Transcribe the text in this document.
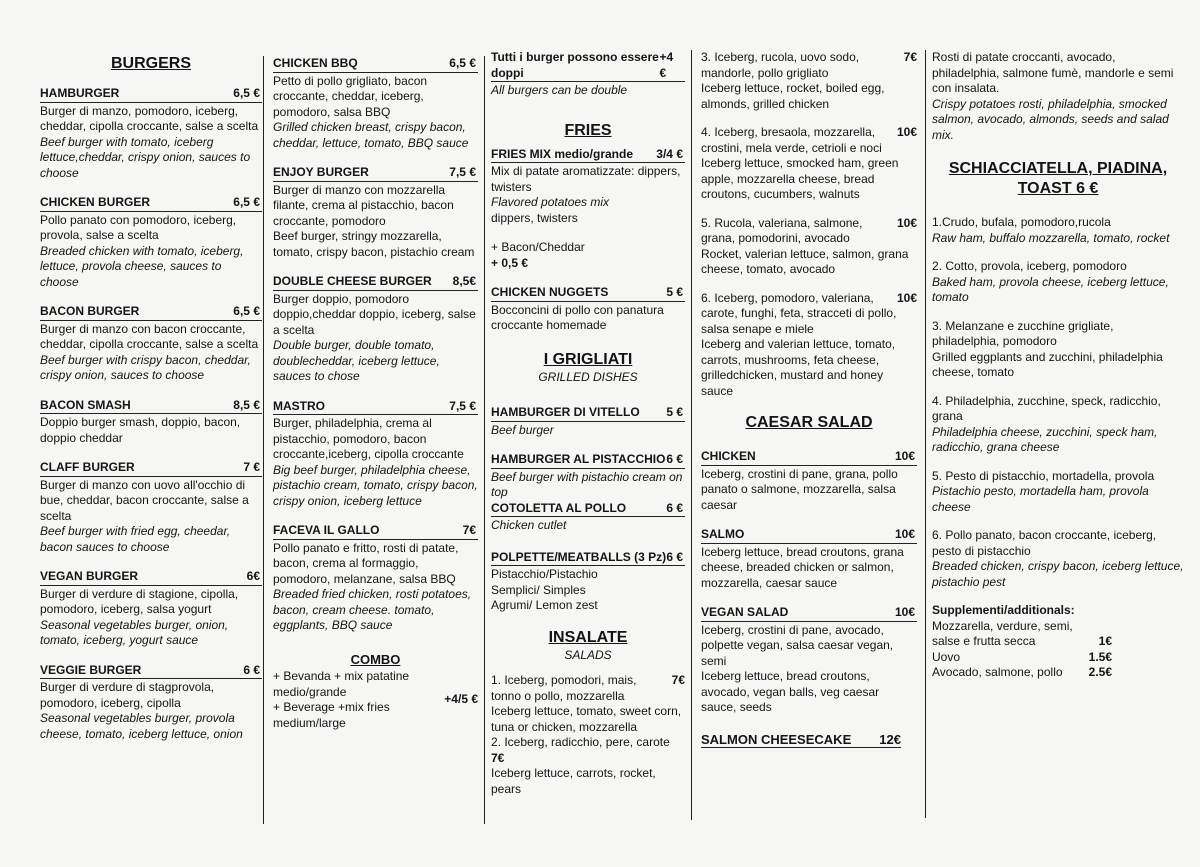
BURGERS
HAMBURGER	6,5 €
Burger di manzo, pomodoro, iceberg, cheddar, cipolla croccante, salse a scelta
Beef burger with tomato, iceberg lettuce,cheddar, crispy onion, sauces to choose
CHICKEN BURGER	6,5 €
Pollo panato con pomodoro, iceberg, provola, salse a scelta
Breaded chicken with tomato, iceberg, lettuce, provola cheese, sauces to choose
BACON BURGER	6,5 €
Burger di manzo con bacon croccante, cheddar, cipolla croccante, salse a scelta
Beef burger with crispy bacon, cheddar, crispy onion, sauces to choose
BACON SMASH	8,5 €
Doppio burger smash, doppio, bacon, doppio cheddar
CLAFF BURGER	7 €
Burger di manzo con uovo all'occhio di bue, cheddar, bacon croccante, salse a scelta
Beef burger with fried egg, cheedar, bacon sauces to choose
VEGAN BURGER	6€
Burger di verdure di stagione, cipolla, pomodoro, iceberg, salsa yogurt
Seasonal vegetables burger, onion, tomato, iceberg, yogurt sauce
VEGGIE BURGER	6 €
Burger di verdure di stagprovola, pomodoro, iceberg, cipolla
Seasonal vegetables burger, provola cheese, tomato, iceberg lettuce, onion
CHICKEN BBQ	6,5 €
Petto di pollo grigliato, bacon croccante, cheddar, iceberg, pomodoro, salsa BBQ
Grilled chicken breast, crispy bacon, cheddar, lettuce, tomato, BBQ sauce
ENJOY BURGER	7,5 €
Burger di manzo con mozzarella filante, crema al pistacchio, bacon croccante, pomodoro
Beef burger, stringy mozzarella, tomato, crispy bacon, pistachio cream
DOUBLE CHEESE BURGER 8,5€
Burger doppio, pomodoro doppio,cheddar doppio, iceberg, salse a scelta
Double burger, double tomato, doublecheddar, iceberg lettuce, sauces to chose
MASTRO	7,5 €
Burger, philadelphia, crema al pistacchio, pomodoro, bacon croccante,iceberg, cipolla croccante
Big beef burger, philadelphia cheese, pistachio cream, tomato, crispy bacon, crispy onion, iceberg lettuce
FACEVA IL GALLO	7€
Pollo panato e fritto, rosti di patate, bacon, crema al formaggio, pomodoro, melanzane, salsa BBQ
Breaded fried chicken, rosti potatoes, bacon, cream cheese. tomato, eggplants, BBQ sauce
COMBO
+ Bevanda + mix patatine medio/grande
+ Beverage +mix fries medium/large
+4/5 €
Tutti i burger possono essere doppi
+4 €
All burgers can be double
FRIES
FRIES MIX medio/grande 3/4 €
Mix di patate aromatizzate: dippers, twisters
Flavored potatoes mix
dippers, twisters
+ Bacon/Cheddar
+ 0,5 €
CHICKEN NUGGETS	5 €
Bocconcini di pollo con panatura croccante homemade
I GRIGLIATI
GRILLED DISHES
HAMBURGER DI VITELLO 5 €
Beef burger
HAMBURGER AL PISTACCHIO 6 €
Beef burger with pistachio cream on top
COTOLETTA AL POLLO	6 €
Chicken cutlet
POLPETTE/MEATBALLS (3 Pz) 6 €
Pistacchio/Pistachio
Semplici/ Simples
Agrumi/ Lemon zest
INSALATE
SALADS
1. Iceberg, pomodori, mais,	7€
tonno o pollo, mozzarella
Iceberg lettuce, tomato, sweet corn, tuna or chicken, mozzarella
2. Iceberg, radicchio, pere, carote
7€
Iceberg lettuce, carrots, rocket, pears
3. Iceberg, rucola, uovo sodo,	7€
mandorle, pollo grigliato
Iceberg lettuce, rocket, boiled egg, almonds, grilled chicken
4. Iceberg, bresaola, mozzarella, 10€
crostini, mela verde, cetrioli e noci
Iceberg lettuce, smocked ham, green apple, mozzarella cheese, bread croutons, cucumbers, walnuts
5. Rucola, valeriana, salmone,	10€
grana, pomodorini, avocado
Rocket, valerian lettuce, salmon, grana cheese, tomato, avocado
6. Iceberg, pomodoro, valeriana, 10€
carote, funghi, feta, stracceti di pollo, salsa senape e miele
Iceberg and valerian lettuce, tomato, carrots, mushrooms, feta cheese, grilledchicken, mustard and honey sauce
CAESAR SALAD
CHICKEN	10€
Iceberg, crostini di pane, grana, pollo panato o salmone, mozzarella, salsa caesar
SALMO	10€
Iceberg lettuce, bread croutons, grana cheese, breaded chicken or salmon, mozzarella, caesar sauce
VEGAN SALAD	10€
Iceberg, crostini di pane, avocado, polpette vegan, salsa caesar vegan, semi
Iceberg lettuce, bread croutons, avocado, vegan balls, veg caesar sauce, seeds
SALMON CHEESECAKE 12€
Rosti di patate croccanti, avocado, philadelphia, salmone fumè, mandorle e semi con insalata.
Crispy potatoes rosti, philadelphia, smocked salmon, avocado, almonds, seeds and salad mix.
SCHIACCIATELLA, PIADINA, TOAST 6 €
1.Crudo, bufala, pomodoro,rucola
Raw ham, buffalo mozzarella, tomato, rocket
2. Cotto, provola, iceberg, pomodoro
Baked ham, provola cheese, iceberg lettuce, tomato
3. Melanzane e zucchine grigliate, philadelphia, pomodoro
Grilled eggplants and zucchini, philadelphia cheese, tomato
4. Philadelphia, zucchine, speck, radicchio, grana
Philadelphia cheese, zucchini, speck ham, radicchio, grana cheese
5. Pesto di pistacchio, mortadella, provola
Pistachio pesto, mortadella ham, provola cheese
6. Pollo panato, bacon croccante, iceberg, pesto di pistacchio
Breaded chicken, crispy bacon, iceberg lettuce, pistachio pest
Supplementi/additionals:
Mozzarella, verdure, semi,
salse e frutta secca	1€
Uovo	1.5€
Avocado, salmone, pollo 2.5€
